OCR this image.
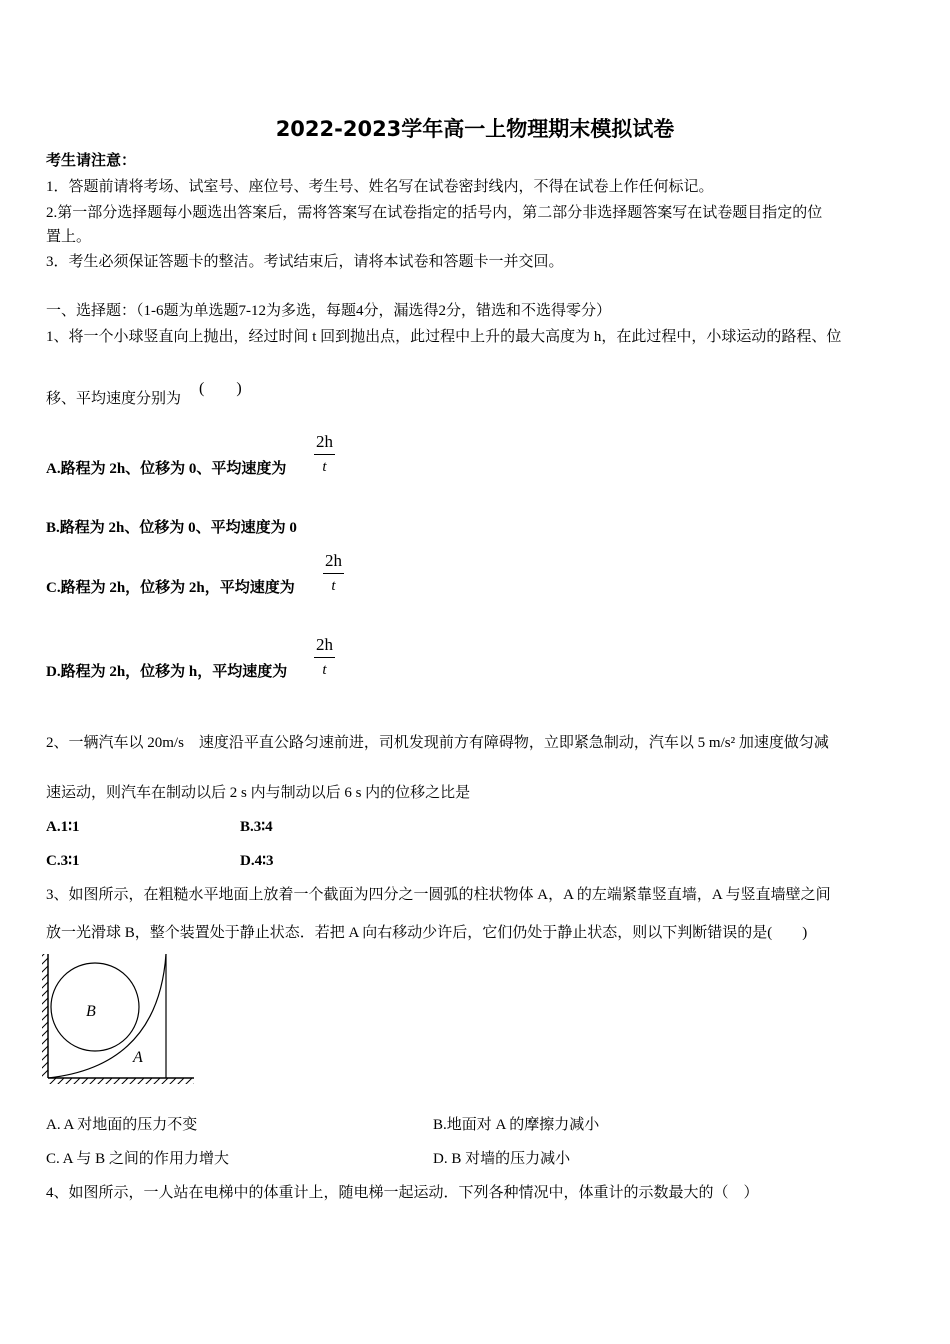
2022-2023学年高一上物理期末模拟试卷
考生请注意：
1．答题前请将考场、试室号、座位号、考生号、姓名写在试卷密封线内，不得在试卷上作任何标记。
2.第一部分选择题每小题选出答案后，需将答案写在试卷指定的括号内，第二部分非选择题答案写在试卷题目指定的位
置上。
3．考生必须保证答题卡的整洁。考试结束后，请将本试卷和答题卡一并交回。
一、选择题：（1-6题为单选题7-12为多选，每题4分，漏选得2分，错选和不选得零分）
1、将一个小球竖直向上抛出，经过时间 t 回到抛出点，此过程中上升的最大高度为 h，在此过程中，小球运动的路程、位
移、平均速度分别为
(　　)
A.路程为 2h、位移为 0、平均速度为 $\frac{2h}{t}$
B.路程为 2h、位移为 0、平均速度为 0
C.路程为 2h，位移为 2h，平均速度为 $\frac{2h}{t}$
D.路程为 2h，位移为 h，平均速度为 $\frac{2h}{t}$
2、一辆汽车以 20m/s　速度沿平直公路匀速前进，司机发现前方有障碍物，立即紧急制动，汽车以 5 m/s² 加速度做匀减
速运动，则汽车在制动以后 2 s 内与制动以后 6 s 内的位移之比是
A.1∶1	B.3∶4
C.3∶1	D.4∶3
3、如图所示，在粗糙水平地面上放着一个截面为四分之一圆弧的柱状物体 A，A 的左端紧靠竖直墙，A 与竖直墙壁之间
放一光滑球 B，整个装置处于静止状态．若把 A 向右移动少许后，它们仍处于静止状态，则以下判断错误的是(　　)
B
A
A. A 对地面的压力不变	B.地面对 A 的摩擦力减小
C. A 与 B 之间的作用力增大	D. B 对墙的压力减小
4、如图所示，一人站在电梯中的体重计上，随电梯一起运动．下列各种情况中，体重计的示数最大的（　）
